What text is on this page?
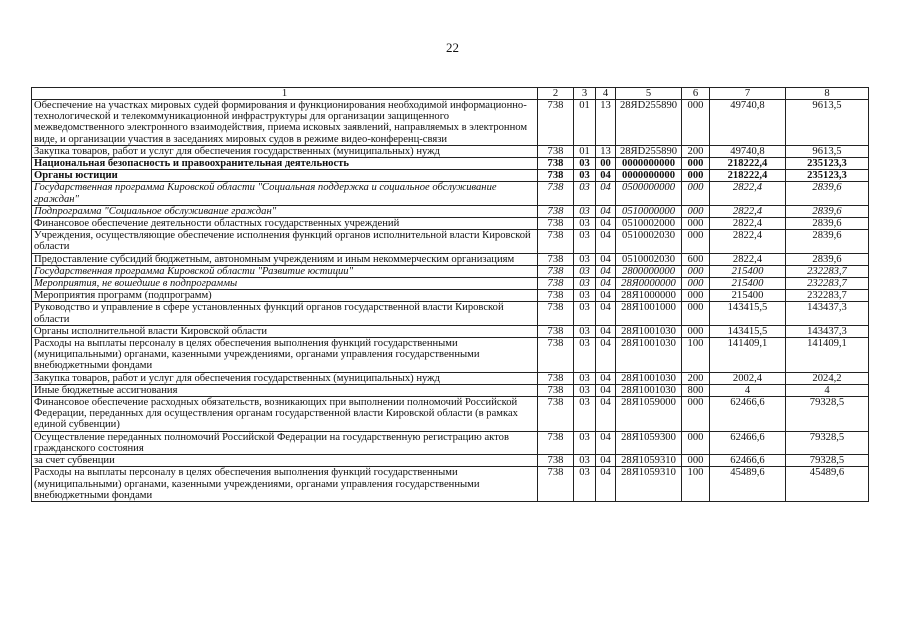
22
1	2	3	4	5	6	7	8
Обеспечение на участках мировых судей формирования и функционирования необходимой информационно-технологической и телекоммуникационной инфраструктуры для организации защищенного межведомственного электронного взаимодействия, приема исковых заявлений, направляемых в электронном виде, и организации участия в заседаниях мировых судов в режиме видео-конференц-связи	738	01	13	28ЯD255890	000	49740,8	9613,5
Закупка товаров, работ и услуг для обеспечения государственных (муниципальных) нужд	738	01	13	28ЯD255890	200	49740,8	9613,5
Национальная безопасность и правоохранительная деятельность	738	03	00	0000000000	000	218222,4	235123,3
Органы юстиции	738	03	04	0000000000	000	218222,4	235123,3
Государственная программа Кировской области "Социальная поддержка и социальное обслуживание граждан"	738	03	04	0500000000	000	2822,4	2839,6
Подпрограмма "Социальное обслуживание граждан"	738	03	04	0510000000	000	2822,4	2839,6
Финансовое обеспечение деятельности областных государственных учреждений	738	03	04	0510002000	000	2822,4	2839,6
Учреждения, осуществляющие обеспечение исполнения функций органов исполнительной власти Кировской области	738	03	04	0510002030	000	2822,4	2839,6
Предоставление субсидий бюджетным, автономным учреждениям и иным некоммерческим организациям	738	03	04	0510002030	600	2822,4	2839,6
Государственная программа Кировской области "Развитие юстиции"	738	03	04	2800000000	000	215400	232283,7
Мероприятия, не вошедшие в подпрограммы	738	03	04	28Я0000000	000	215400	232283,7
Мероприятия программ (подпрограмм)	738	03	04	28Я1000000	000	215400	232283,7
Руководство и управление в сфере установленных функций органов государственной власти Кировской области	738	03	04	28Я1001000	000	143415,5	143437,3
Органы исполнительной власти Кировской области	738	03	04	28Я1001030	000	143415,5	143437,3
Расходы на выплаты персоналу в целях обеспечения выполнения функций государственными (муниципальными) органами, казенными учреждениями, органами управления государственными внебюджетными фондами	738	03	04	28Я1001030	100	141409,1	141409,1
Закупка товаров, работ и услуг для обеспечения государственных (муниципальных) нужд	738	03	04	28Я1001030	200	2002,4	2024,2
Иные бюджетные ассигнования	738	03	04	28Я1001030	800	4	4
Финансовое обеспечение расходных обязательств, возникающих при выполнении полномочий Российской Федерации, переданных для осуществления органам государственной власти Кировской области (в рамках единой субвенции)	738	03	04	28Я1059000	000	62466,6	79328,5
Осуществление переданных полномочий Российской Федерации на государственную регистрацию актов гражданского состояния	738	03	04	28Я1059300	000	62466,6	79328,5
за счет субвенции	738	03	04	28Я1059310	000	62466,6	79328,5
Расходы на выплаты персоналу в целях обеспечения выполнения функций государственными (муниципальными) органами, казенными учреждениями, органами управления государственными внебюджетными фондами	738	03	04	28Я1059310	100	45489,6	45489,6
